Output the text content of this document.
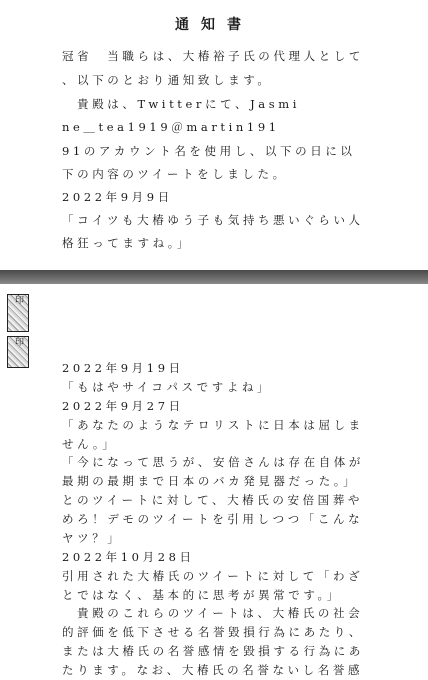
通知書
冠省　当職らは、大椿裕子氏の代理人として
、以下のとおり通知致します。
　貴殿は、Twitterにて、Jasmi
ne＿tea1919＠martin191
91のアカウント名を使用し、以下の日に以
下の内容のツイートをしました。
2022年9月9日
「コイツも大椿ゆう子も気持ち悪いぐらい人
格狂ってますね。」
印
印
2022年9月19日
「もはやサイコパスですよね」
2022年9月27日
「あなたのようなテロリストに日本は屈しま
せん。」
「今になって思うが、安倍さんは存在自体が
最期の最期まで日本のバカ発見器だった。」
とのツイートに対して、大椿氏の安倍国葬や
めろ！デモのツイートを引用しつつ「こんな
ヤツ？」
2022年10月28日
引用された大椿氏のツイートに対して「わざ
とではなく、基本的に思考が異常です。」
　貴殿のこれらのツイートは、大椿氏の社会
的評価を低下させる名誉毀損行為にあたり、
または大椿氏の名誉感情を毀損する行為にあ
たります。なお、大椿氏の名誉ないし名誉感
